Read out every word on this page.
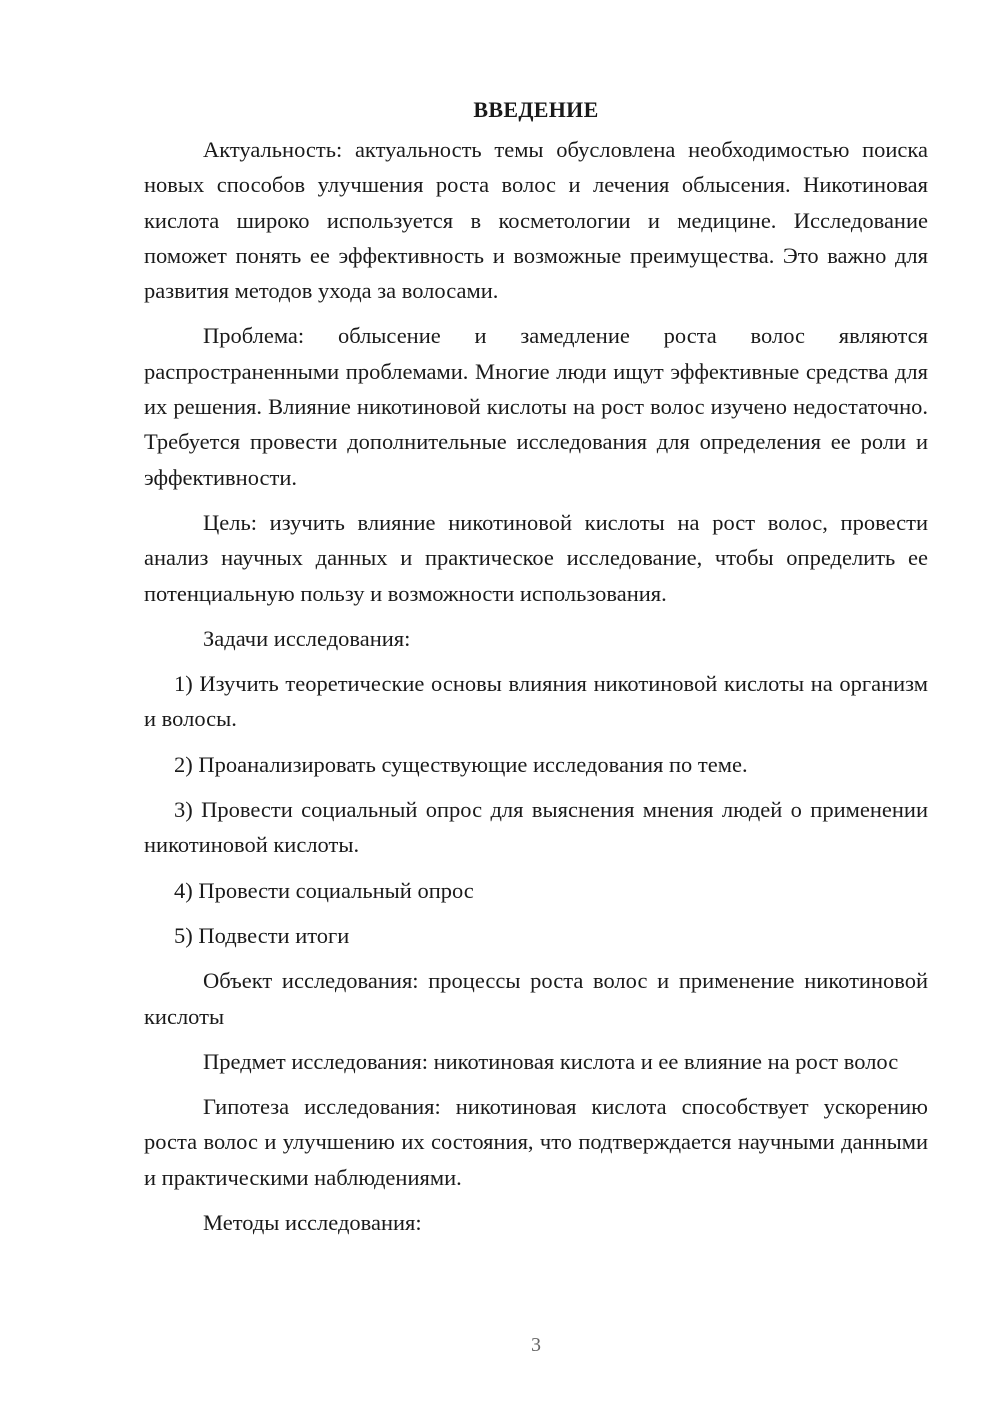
ВВЕДЕНИЕ

Актуальность: актуальность темы обусловлена необходимостью поиска новых способов улучшения роста волос и лечения облысения. Никотиновая кислота широко используется в косметологии и медицине. Исследование поможет понять ее эффективность и возможные преимущества. Это важно для развития методов ухода за волосами.

Проблема: облысение и замедление роста волос являются распространенными проблемами. Многие люди ищут эффективные средства для их решения. Влияние никотиновой кислоты на рост волос изучено недостаточно. Требуется провести дополнительные исследования для определения ее роли и эффективности.

Цель: изучить влияние никотиновой кислоты на рост волос, провести анализ научных данных и практическое исследование, чтобы определить ее потенциальную пользу и возможности использования.

Задачи исследования:

1) Изучить теоретические основы влияния никотиновой кислоты на организм и волосы.

2) Проанализировать существующие исследования по теме.

3) Провести социальный опрос для выяснения мнения людей о применении никотиновой кислоты.

4) Провести социальный опрос

5) Подвести итоги

Объект исследования: процессы роста волос и применение никотиновой кислоты

Предмет исследования: никотиновая кислота и ее влияние на рост волос

Гипотеза исследования: никотиновая кислота способствует ускорению роста волос и улучшению их состояния, что подтверждается научными данными и практическими наблюдениями.

Методы исследования:

3
